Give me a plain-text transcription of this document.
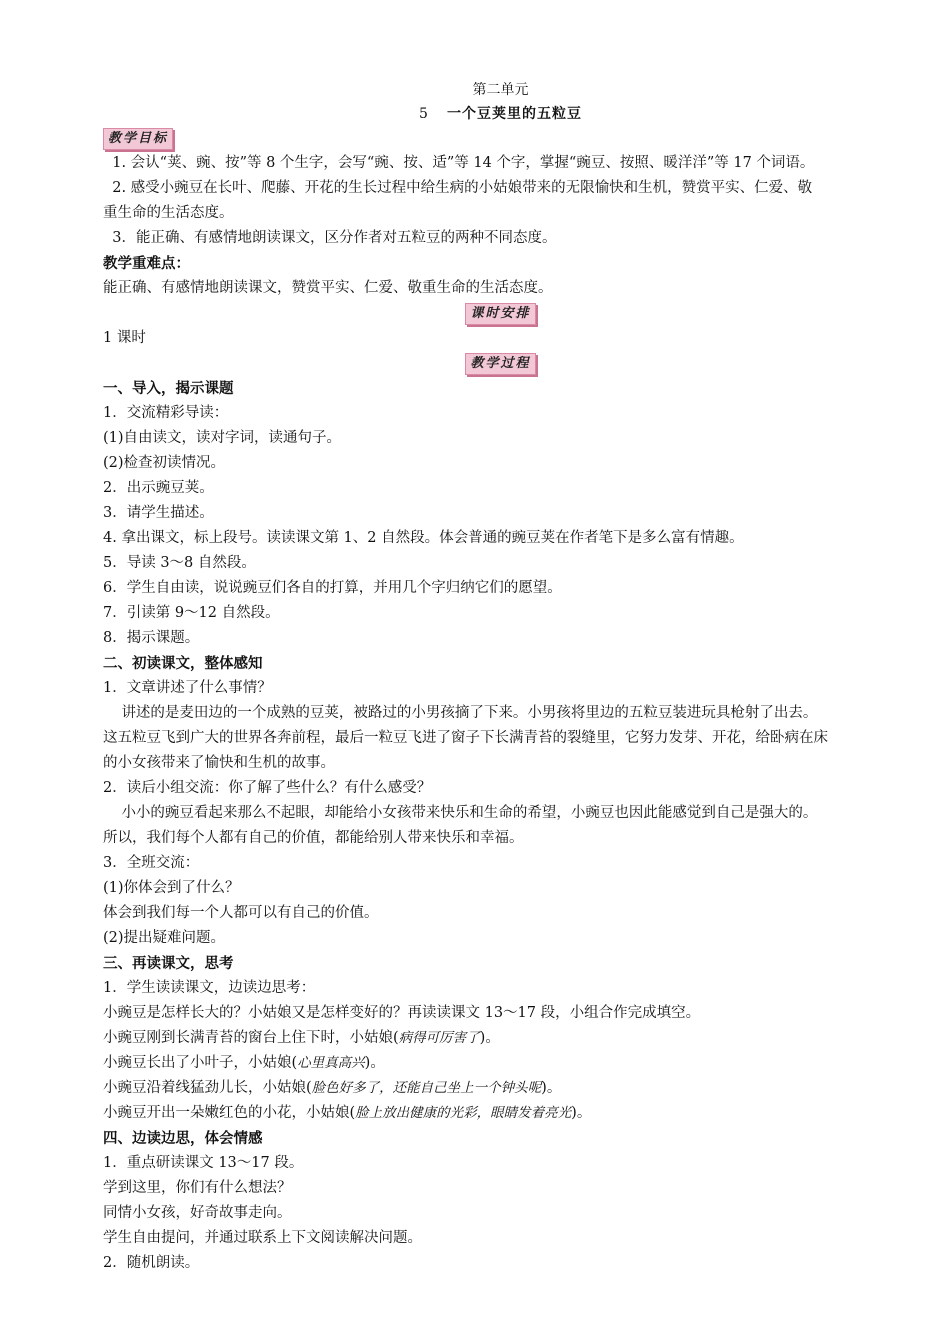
第二单元
5 一个豆荚里的五粒豆
教学目标

1. 会认“荚、豌、按”等 8 个生字，会写“豌、按、适”等 14 个字，掌握“豌豆、按照、暖洋洋”等 17 个词语。

2. 感受小豌豆在长叶、爬藤、开花的生长过程中给生病的小姑娘带来的无限愉快和生机，赞赏平实、仁爱、敬

重生命的生活态度。

3．能正确、有感情地朗读课文，区分作者对五粒豆的两种不同态度。

教学重难点：

能正确、有感情地朗读课文，赞赏平实、仁爱、敬重生命的生活态度。

课时安排

1 课时

教学过程

一、导入，揭示课题

1．交流精彩导读：

(1)自由读文，读对字词，读通句子。

(2)检查初读情况。

2．出示豌豆荚。

3．请学生描述。

4. 拿出课文，标上段号。读读课文第 1、2 自然段。体会普通的豌豆荚在作者笔下是多么富有情趣。

5．导读 3～8 自然段。

6．学生自由读，说说豌豆们各自的打算，并用几个字归纳它们的愿望。

7．引读第 9～12 自然段。

8．揭示课题。

二、初读课文，整体感知

1．文章讲述了什么事情？

讲述的是麦田边的一个成熟的豆荚，被路过的小男孩摘了下来。小男孩将里边的五粒豆装进玩具枪射了出去。

这五粒豆飞到广大的世界各奔前程，最后一粒豆飞进了窗子下长满青苔的裂缝里，它努力发芽、开花，给卧病在床

的小女孩带来了愉快和生机的故事。

2．读后小组交流：你了解了些什么？有什么感受？

小小的豌豆看起来那么不起眼，却能给小女孩带来快乐和生命的希望，小豌豆也因此能感觉到自己是强大的。

所以，我们每个人都有自己的价值，都能给别人带来快乐和幸福。

3．全班交流：

(1)你体会到了什么？

体会到我们每一个人都可以有自己的价值。

(2)提出疑难问题。

三、再读课文，思考

1．学生读读课文，边读边思考：

小豌豆是怎样长大的？小姑娘又是怎样变好的？再读读课文 13～17 段，小组合作完成填空。

小豌豆刚到长满青苔的窗台上住下时，小姑娘(病得可厉害了)。

小豌豆长出了小叶子，小姑娘(心里真高兴)。

小豌豆沿着线猛劲儿长，小姑娘(脸色好多了，还能自己坐上一个钟头呢)。

小豌豆开出一朵嫩红色的小花，小姑娘(脸上放出健康的光彩，眼睛发着亮光)。

四、边读边思，体会情感

1．重点研读课文 13～17 段。

学到这里，你们有什么想法？

同情小女孩，好奇故事走向。

学生自由提问，并通过联系上下文阅读解决问题。

2．随机朗读。
